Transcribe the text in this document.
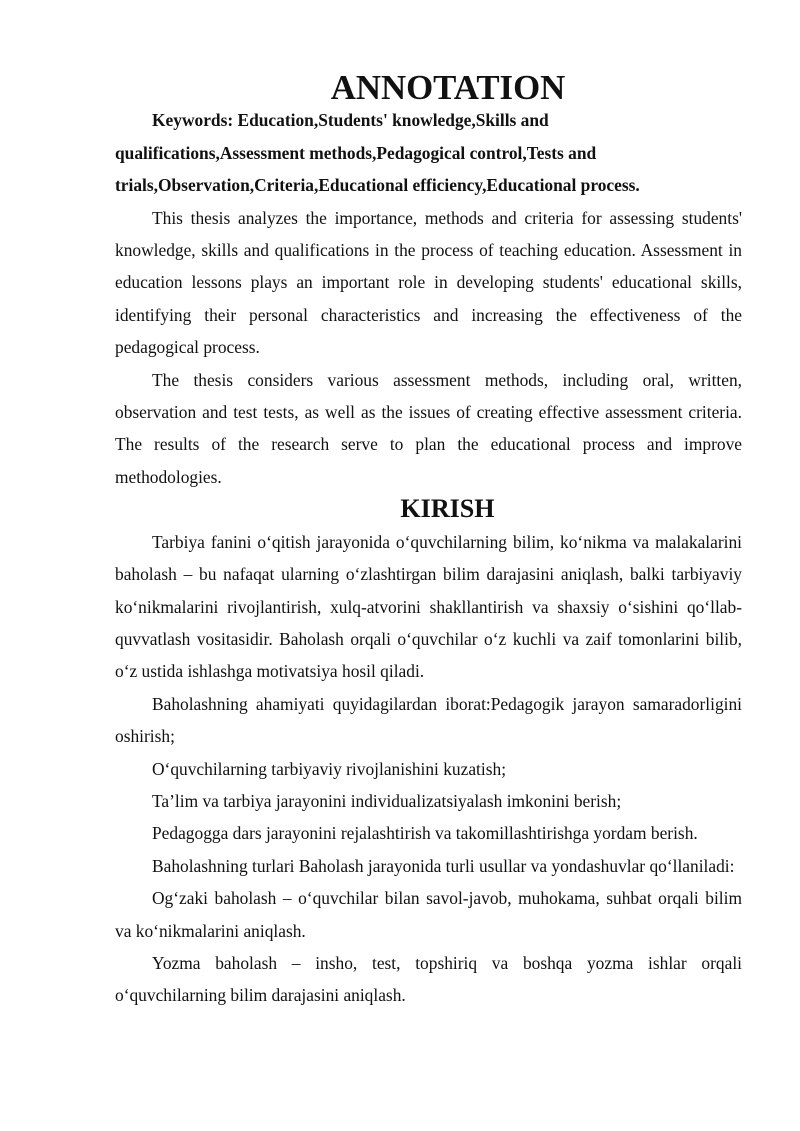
ANNOTATION
Keywords: Education,Students' knowledge,Skills and
qualifications,Assessment methods,Pedagogical control,Tests and
trials,Observation,Criteria,Educational efficiency,Educational process.

This thesis analyzes the importance, methods and criteria for assessing students' knowledge, skills and qualifications in the process of teaching education. Assessment in education lessons plays an important role in developing students' educational skills, identifying their personal characteristics and increasing the effectiveness of the pedagogical process.

The thesis considers various assessment methods, including oral, written, observation and test tests, as well as the issues of creating effective assessment criteria. The results of the research serve to plan the educational process and improve methodologies.

KIRISH

Tarbiya fanini o‘qitish jarayonida o‘quvchilarning bilim, ko‘nikma va malakalarini baholash – bu nafaqat ularning o‘zlashtirgan bilim darajasini aniqlash, balki tarbiyaviy ko‘nikmalarini rivojlantirish, xulq-atvorini shakllantirish va shaxsiy o‘sishini qo‘llab-quvvatlash vositasidir. Baholash orqali o‘quvchilar o‘z kuchli va zaif tomonlarini bilib, o‘z ustida ishlashga motivatsiya hosil qiladi.

Baholashning ahamiyati quyidagilardan iborat:Pedagogik jarayon samaradorligini oshirish;

O‘quvchilarning tarbiyaviy rivojlanishini kuzatish;

Ta’lim va tarbiya jarayonini individualizatsiyalash imkonini berish;

Pedagogga dars jarayonini rejalashtirish va takomillashtirishga yordam berish.

Baholashning turlari Baholash jarayonida turli usullar va yondashuvlar qo‘llaniladi:

Og‘zaki baholash – o‘quvchilar bilan savol-javob, muhokama, suhbat orqali bilim va ko‘nikmalarini aniqlash.

Yozma baholash – insho, test, topshiriq va boshqa yozma ishlar orqali o‘quvchilarning bilim darajasini aniqlash.
